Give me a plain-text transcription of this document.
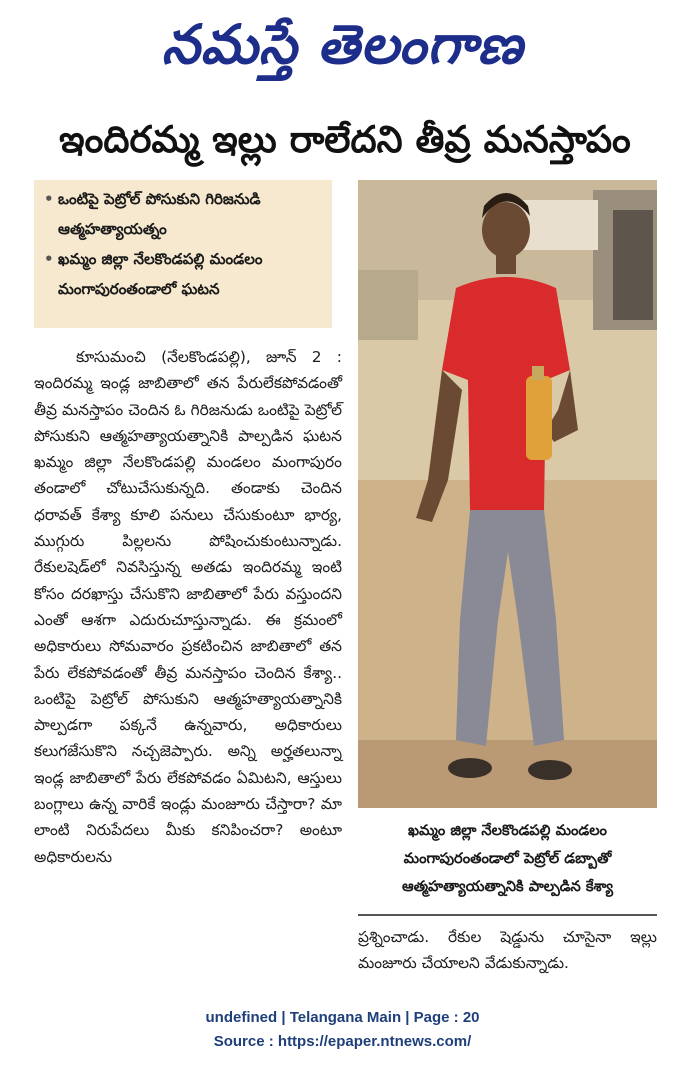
నమస్తే తెలంగాణ
ఇందిరమ్మ ఇల్లు రాలేదని తీవ్ర మనస్తాపం
• ఒంటిపై పెట్రోల్ పోసుకుని గిరిజనుడి ఆత్మహత్యాయత్నం
• ఖమ్మం జిల్లా నేలకొండపల్లి మండలం మంగాపురంతండాలో ఘటన

కూసుమంచి (నేలకొండపల్లి), జూన్ 2 : ఇందిరమ్మ ఇండ్ల జాబితాలో తన పేరులేకపోవడంతో తీవ్ర మనస్తాపం చెందిన ఓ గిరిజనుడు ఒంటిపై పెట్రోల్ పోసుకుని ఆత్మహత్యాయత్నానికి పాల్పడిన ఘటన ఖమ్మం జిల్లా నేలకొండపల్లి మండలం మంగాపురం తండాలో చోటుచేసుకున్నది. తండాకు చెందిన ధరావత్ కేశ్యా కూలి పనులు చేసుకుంటూ భార్య, ముగ్గురు పిల్లలను పోషించుకుంటున్నాడు. రేకులషెడ్‌లో నివసిస్తున్న అతడు ఇందిరమ్మ ఇంటి కోసం దరఖాస్తు చేసుకొని జాబితాలో పేరు వస్తుందని ఎంతో ఆశగా ఎదురుచూస్తున్నాడు. ఈ క్రమంలో అధికారులు సోమవారం ప్రకటించిన జాబితాలో తన పేరు లేకపోవడంతో తీవ్ర మనస్తాపం చెందిన కేశ్యా.. ఒంటిపై పెట్రోల్ పోసుకుని ఆత్మహత్యాయత్నానికి పాల్పడగా పక్కనే ఉన్నవారు, అధికారులు కలుగజేసుకొని నచ్చజెప్పారు. అన్ని అర్హతలున్నా ఇండ్ల జాబితాలో పేరు లేకపోవడం ఏమిటని, ఆస్తులు బంగ్లాలు ఉన్న వారికే ఇండ్లు మంజూరు చేస్తారా? మా లాంటి నిరుపేదలు మీకు కనిపించరా? అంటూ అధికారులను

ఖమ్మం జిల్లా నేలకొండపల్లి మండలం మంగాపురంతండాలో పెట్రోల్ డబ్బాతో ఆత్మహత్యాయత్నానికి పాల్పడిన కేశ్యా

ప్రశ్నించాడు. రేకుల షెడ్డును చూసైనా ఇల్లు మంజూరు చేయాలని వేడుకున్నాడు.

undefined | Telangana Main | Page : 20
Source : https://epaper.ntnews.com/
